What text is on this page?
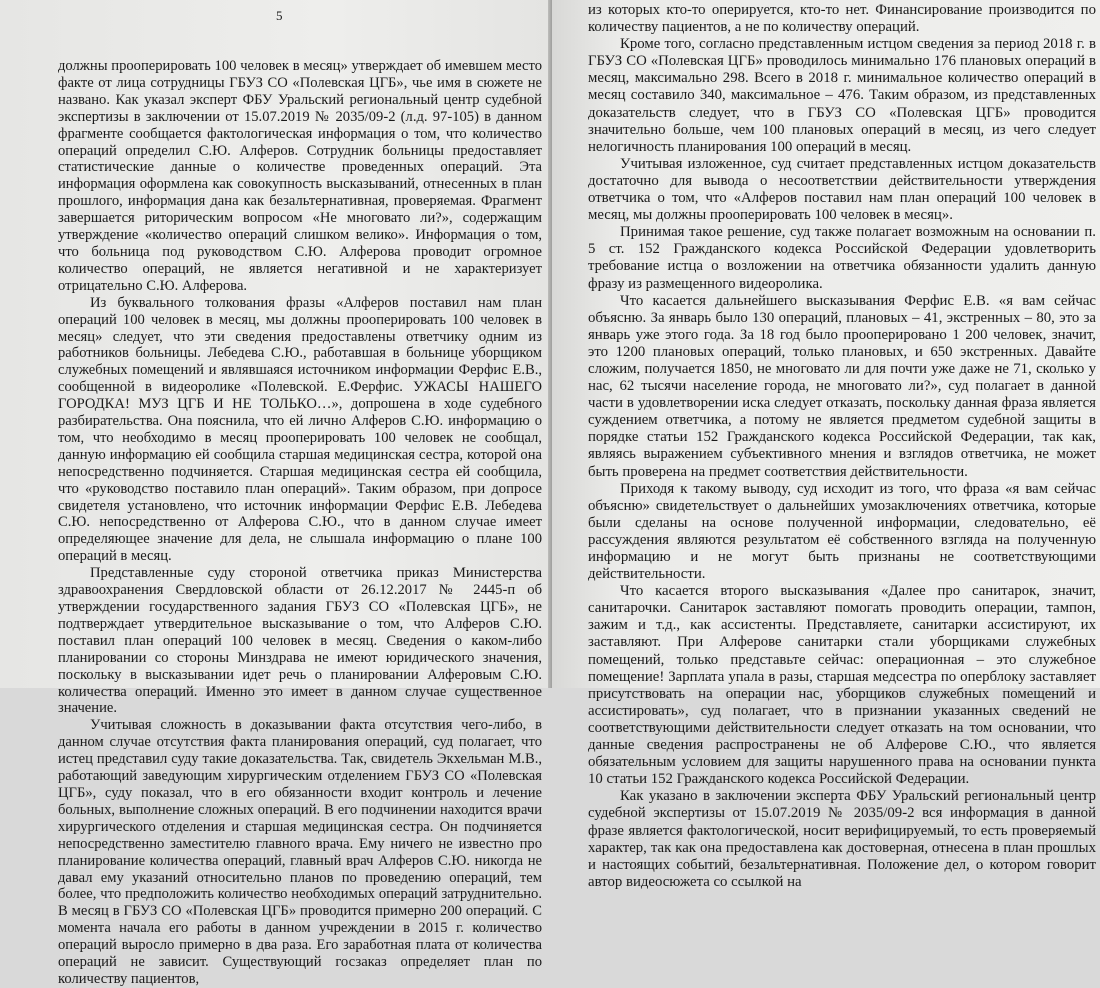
5

должны прооперировать 100 человек в месяц» утверждает об имевшем место факте от лица сотрудницы ГБУЗ СО «Полевская ЦГБ», чье имя в сюжете не названо. Как указал эксперт ФБУ Уральский региональный центр судебной экспертизы в заключении от 15.07.2019 № 2035/09-2 (л.д. 97-105) в данном фрагменте сообщается фактологическая информация о том, что количество операций определил С.Ю. Алферов. Сотрудник больницы предоставляет статистические данные о количестве проведенных операций. Эта информация оформлена как совокупность высказываний, отнесенных в план прошлого, информация дана как безальтернативная, проверяемая. Фрагмент завершается риторическим вопросом «Не многовато ли?», содержащим утверждение «количество операций слишком велико». Информация о том, что больница под руководством С.Ю. Алферова проводит огромное количество операций, не является негативной и не характеризует отрицательно С.Ю. Алферова.

Из буквального толкования фразы «Алферов поставил нам план операций 100 человек в месяц, мы должны прооперировать 100 человек в месяц» следует, что эти сведения предоставлены ответчику одним из работников больницы. Лебедева С.Ю., работавшая в больнице уборщиком служебных помещений и являвшаяся источником информации Ферфис Е.В., сообщенной в видеоролике «Полевской. Е.Ферфис. УЖАСЫ НАШЕГО ГОРОДКА! МУЗ ЦГБ И НЕ ТОЛЬКО…», допрошена в ходе судебного разбирательства. Она пояснила, что ей лично Алферов С.Ю. информацию о том, что необходимо в месяц прооперировать 100 человек не сообщал, данную информацию ей сообщила старшая медицинская сестра, которой она непосредственно подчиняется. Старшая медицинская сестра ей сообщила, что «руководство поставило план операций». Таким образом, при допросе свидетеля установлено, что источник информации Ферфис Е.В. Лебедева С.Ю. непосредственно от Алферова С.Ю., что в данном случае имеет определяющее значение для дела, не слышала информацию о плане 100 операций в месяц.

Представленные суду стороной ответчика приказ Министерства здравоохранения Свердловской области от 26.12.2017 № 2445-п об утверждении государственного задания ГБУЗ СО «Полевская ЦГБ», не подтверждает утвердительное высказывание о том, что Алферов С.Ю. поставил план операций 100 человек в месяц. Сведения о каком-либо планировании со стороны Минздрава не имеют юридического значения, поскольку в высказывании идет речь о планировании Алферовым С.Ю. количества операций. Именно это имеет в данном случае существенное значение.

Учитывая сложность в доказывании факта отсутствия чего-либо, в данном случае отсутствия факта планирования операций, суд полагает, что истец представил суду такие доказательства. Так, свидетель Экхельман М.В., работающий заведующим хирургическим отделением ГБУЗ СО «Полевская ЦГБ», суду показал, что в его обязанности входит контроль и лечение больных, выполнение сложных операций. В его подчинении находится врачи хирургического отделения и старшая медицинская сестра. Он подчиняется непосредственно заместителю главного врача. Ему ничего не известно про планирование количества операций, главный врач Алферов С.Ю. никогда не давал ему указаний относительно планов по проведению операций, тем более, что предположить количество необходимых операций затруднительно. В месяц в ГБУЗ СО «Полевская ЦГБ» проводится примерно 200 операций. С момента начала его работы в данном учреждении в 2015 г. количество операций выросло примерно в два раза. Его заработная плата от количества операций не зависит. Существующий госзаказ определяет план по количеству пациентов,

из которых кто-то оперируется, кто-то нет. Финансирование производится по количеству пациентов, а не по количеству операций.

Кроме того, согласно представленным истцом сведения за период 2018 г. в ГБУЗ СО «Полевская ЦГБ» проводилось минимально 176 плановых операций в месяц, максимально 298. Всего в 2018 г. минимальное количество операций в месяц составило 340, максимальное – 476. Таким образом, из представленных доказательств следует, что в ГБУЗ СО «Полевская ЦГБ» проводится значительно больше, чем 100 плановых операций в месяц, из чего следует нелогичность планирования 100 операций в месяц.

Учитывая изложенное, суд считает представленных истцом доказательств достаточно для вывода о несоответствии действительности утверждения ответчика о том, что «Алферов поставил нам план операций 100 человек в месяц, мы должны прооперировать 100 человек в месяц».

Принимая такое решение, суд также полагает возможным на основании п. 5 ст. 152 Гражданского кодекса Российской Федерации удовлетворить требование истца о возложении на ответчика обязанности удалить данную фразу из размещенного видеоролика.

Что касается дальнейшего высказывания Ферфис Е.В. «я вам сейчас объясню. За январь было 130 операций, плановых – 41, экстренных – 80, это за январь уже этого года. За 18 год было прооперировано 1 200 человек, значит, это 1200 плановых операций, только плановых, и 650 экстренных. Давайте сложим, получается 1850, не многовато ли для почти уже даже не 71, сколько у нас, 62 тысячи население города, не многовато ли?», суд полагает в данной части в удовлетворении иска следует отказать, поскольку данная фраза является суждением ответчика, а потому не является предметом судебной защиты в порядке статьи 152 Гражданского кодекса Российской Федерации, так как, являясь выражением субъективного мнения и взглядов ответчика, не может быть проверена на предмет соответствия действительности.

Приходя к такому выводу, суд исходит из того, что фраза «я вам сейчас объясню» свидетельствует о дальнейших умозаключениях ответчика, которые были сделаны на основе полученной информации, следовательно, её рассуждения являются результатом её собственного взгляда на полученную информацию и не могут быть признаны не соответствующими действительности.

Что касается второго высказывания «Далее про санитарок, значит, санитарочки. Санитарок заставляют помогать проводить операции, тампон, зажим и т.д., как ассистенты. Представляете, санитарки ассистируют, их заставляют. При Алферове санитарки стали уборщиками служебных помещений, только представьте сейчас: операционная – это служебное помещение! Зарплата упала в разы, старшая медсестра по оперблоку заставляет присутствовать на операции нас, уборщиков служебных помещений и ассистировать», суд полагает, что в признании указанных сведений не соответствующими действительности следует отказать на том основании, что данные сведения распространены не об Алферове С.Ю., что является обязательным условием для защиты нарушенного права на основании пункта 10 статьи 152 Гражданского кодекса Российской Федерации.

Как указано в заключении эксперта ФБУ Уральский региональный центр судебной экспертизы от 15.07.2019 № 2035/09-2 вся информация в данной фразе является фактологической, носит верифицируемый, то есть проверяемый характер, так как она предоставлена как достоверная, отнесена в план прошлых и настоящих событий, безальтернативная. Положение дел, о котором говорит автор видеосюжета со ссылкой на
